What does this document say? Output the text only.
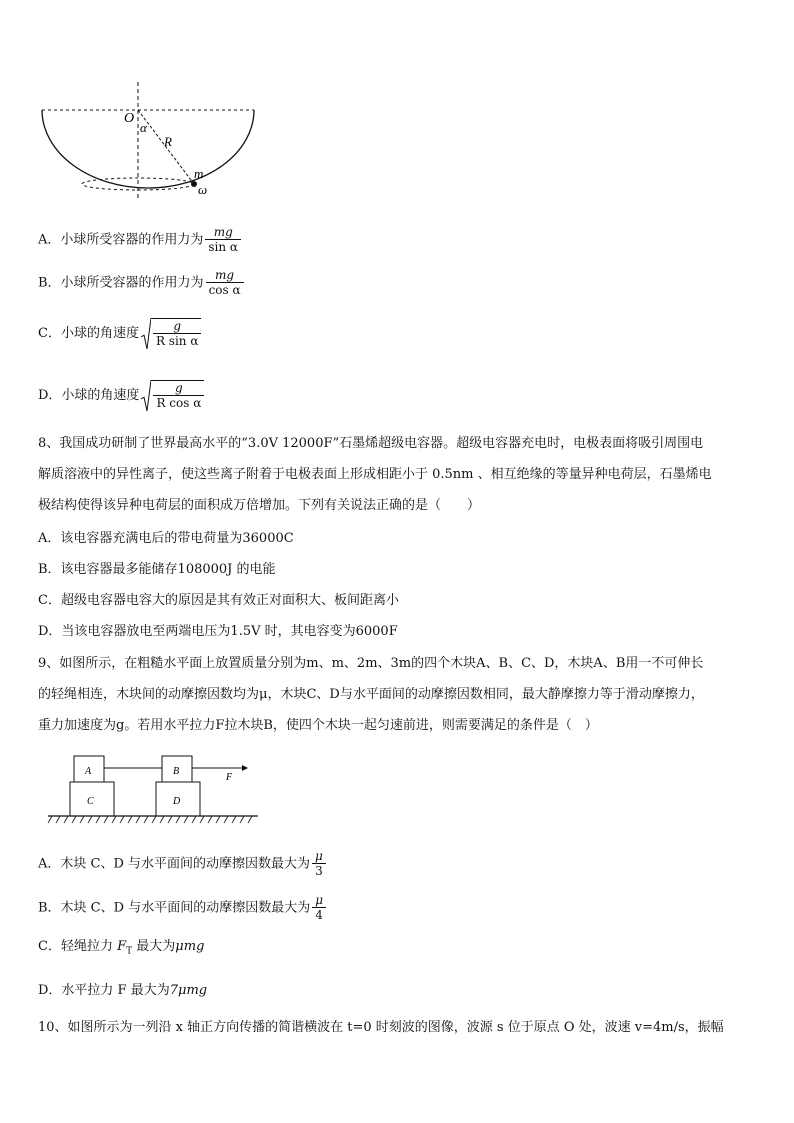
O
α
R
m
ω
A．小球所受容器的作用力为 $\frac{mg}{\text{sin α}}$
B．小球所受容器的作用力为 $\frac{mg}{\text{cos α}}$
C．小球的角速度 $\frac{g}{\text{R sin α}}$
D．小球的角速度 $\frac{g}{\text{R cos α}}$
8、我国成功研制了世界最高水平的“3.0V 12000F”石墨烯超级电容器。超级电容器充电时，电极表面将吸引周围电
解质溶液中的异性离子，使这些离子附着于电极表面上形成相距小于 0.5nm 、相互绝缘的等量异种电荷层，石墨烯电
极结构使得该异种电荷层的面积成万倍增加。下列有关说法正确的是（　　）
A．该电容器充满电后的带电荷量为36000C
B．该电容器最多能储存108000J 的电能
C．超级电容器电容大的原因是其有效正对面积大、板间距离小
D．当该电容器放电至两端电压为1.5V 时，其电容变为6000F
9、如图所示，在粗糙水平面上放置质量分别为m、m、2m、3m的四个木块A、B、C、D，木块A、B用一不可伸长
的轻绳相连，木块间的动摩擦因数均为μ，木块C、D与水平面间的动摩擦因数相同，最大静摩擦力等于滑动摩擦力，
重力加速度为g。若用水平拉力F拉木块B，使四个木块一起匀速前进，则需要满足的条件是（　）
A	B
C	D
F
A．木块 C、D 与水平面间的动摩擦因数最大为 $\frac{\mu}{3}$
B．木块 C、D 与水平面间的动摩擦因数最大为 $\frac{\mu}{4}$
C．轻绳拉力 $F_T$ 最大为μmg
D．水平拉力 F 最大为7μmg
10、如图所示为一列沿 x 轴正方向传播的简谐横波在 t=0 时刻波的图像，波源 s 位于原点 O 处，波速 v=4m/s，振幅
